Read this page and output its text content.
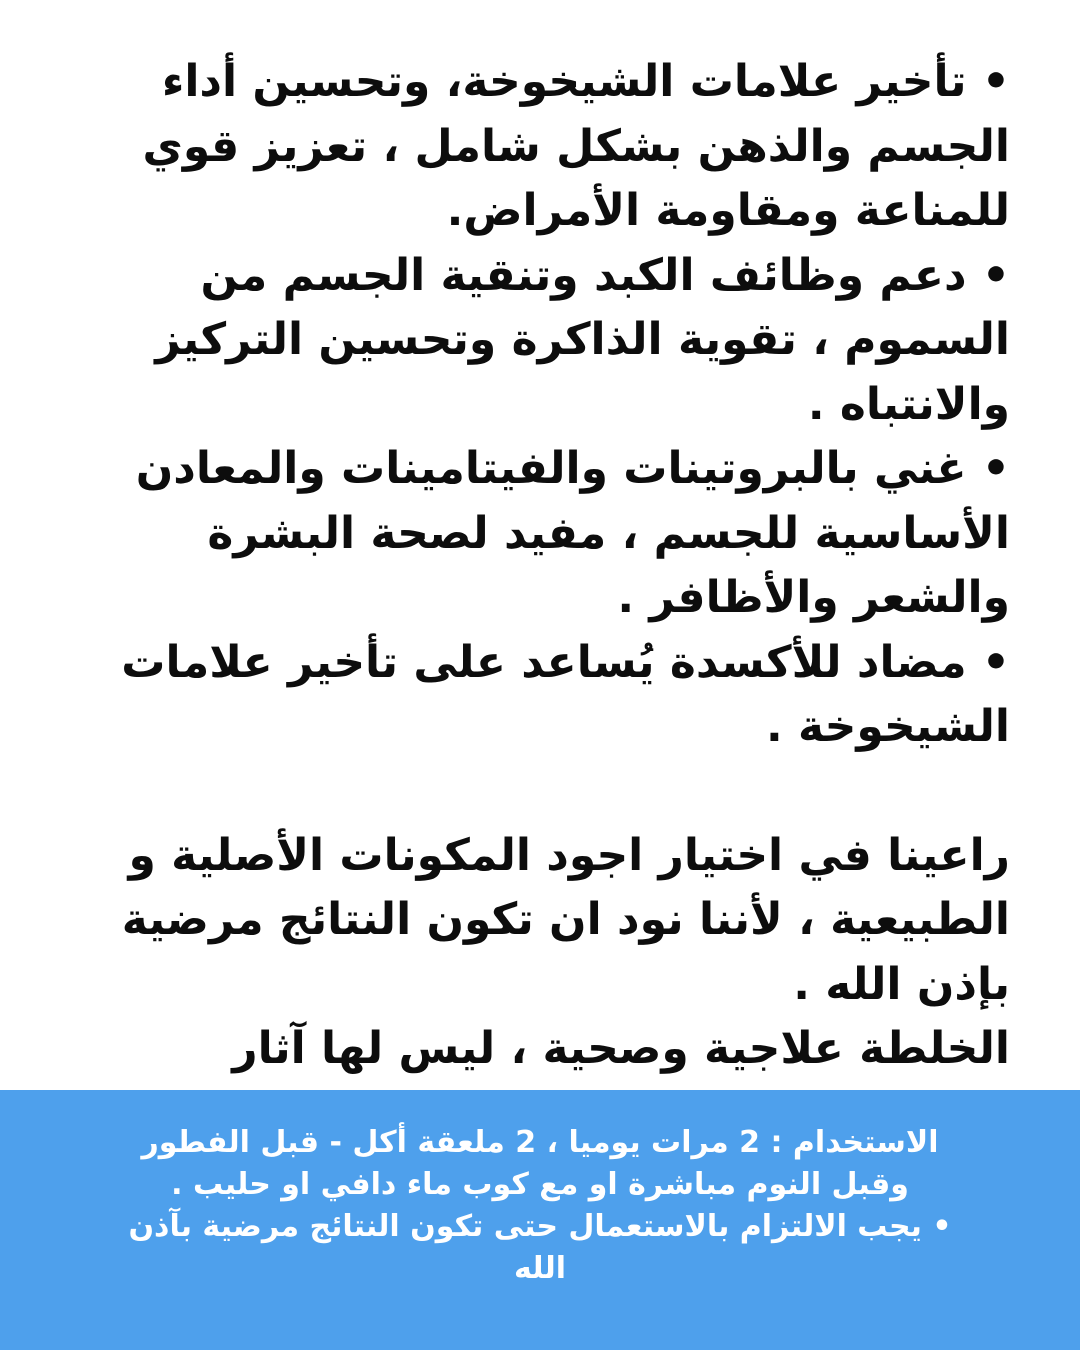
• تأخير علامات الشيخوخة، وتحسين أداء الجسم والذهن بشكل شامل ، تعزيز قوي للمناعة ومقاومة الأمراض.

• دعم وظائف الكبد وتنقية الجسم من السموم ، تقوية الذاكرة وتحسين التركيز والانتباه .

• غني بالبروتينات والفيتامينات والمعادن الأساسية للجسم ، مفيد لصحة البشرة والشعر والأظافر .

• مضاد للأكسدة يُساعد على تأخير علامات الشيخوخة .

راعينا في اختيار اجود المكونات الأصلية و الطبيعية ، لأننا نود ان تكون النتائج مرضية بإذن الله .

الخلطة علاجية وصحية ، ليس لها آثار

الاستخدام : 2 مرات يوميا ، 2 ملعقة أكل - قبل الفطور وقبل النوم مباشرة او مع كوب ماء دافي او حليب .

• يجب الالتزام بالاستعمال حتى تكون النتائج مرضية بآذن الله
